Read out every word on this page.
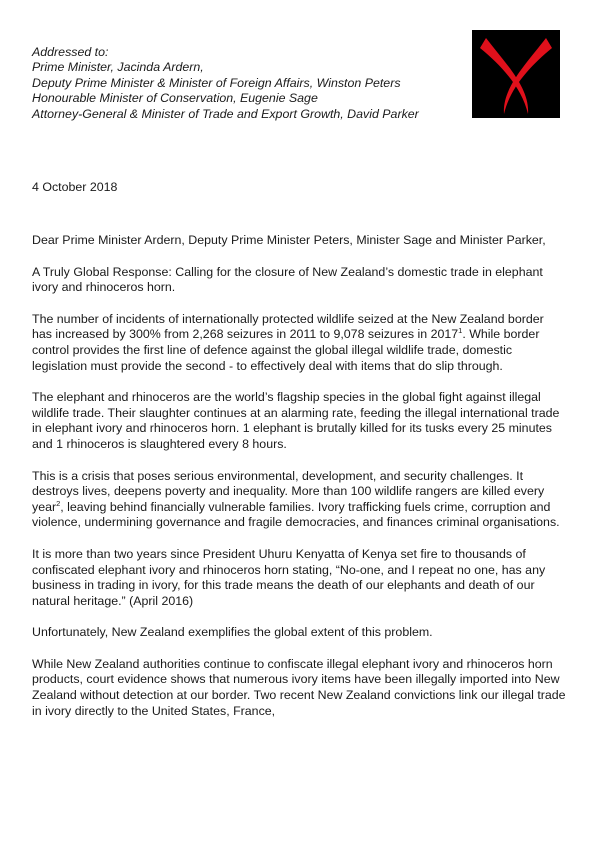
Addressed to:
Prime Minister, Jacinda Ardern,
Deputy Prime Minister & Minister of Foreign Affairs, Winston Peters
Honourable Minister of Conservation, Eugenie Sage
Attorney-General & Minister of Trade and Export Growth, David Parker
4 October 2018

Dear Prime Minister Ardern, Deputy Prime Minister Peters, Minister Sage and Minister Parker,

A Truly Global Response: Calling for the closure of New Zealand’s domestic trade in elephant ivory and rhinoceros horn.

The number of incidents of internationally protected wildlife seized at the New Zealand border has increased by 300% from 2,268 seizures in 2011 to 9,078 seizures in 2017$^1$. While border control provides the first line of defence against the global illegal wildlife trade, domestic legislation must provide the second - to effectively deal with items that do slip through.

The elephant and rhinoceros are the world’s flagship species in the global fight against illegal wildlife trade. Their slaughter continues at an alarming rate, feeding the illegal international trade in elephant ivory and rhinoceros horn. 1 elephant is brutally killed for its tusks every 25 minutes and 1 rhinoceros is slaughtered every 8 hours.

This is a crisis that poses serious environmental, development, and security challenges. It destroys lives, deepens poverty and inequality. More than 100 wildlife rangers are killed every year$^2$, leaving behind financially vulnerable families. Ivory trafficking fuels crime, corruption and violence, undermining governance and fragile democracies, and finances criminal organisations.

It is more than two years since President Uhuru Kenyatta of Kenya set fire to thousands of confiscated elephant ivory and rhinoceros horn stating, “No-one, and I repeat no one, has any business in trading in ivory, for this trade means the death of our elephants and death of our natural heritage.” (April 2016)

Unfortunately, New Zealand exemplifies the global extent of this problem.

While New Zealand authorities continue to confiscate illegal elephant ivory and rhinoceros horn products, court evidence shows that numerous ivory items have been illegally imported into New Zealand without detection at our border. Two recent New Zealand convictions link our illegal trade in ivory directly to the United States, France,
